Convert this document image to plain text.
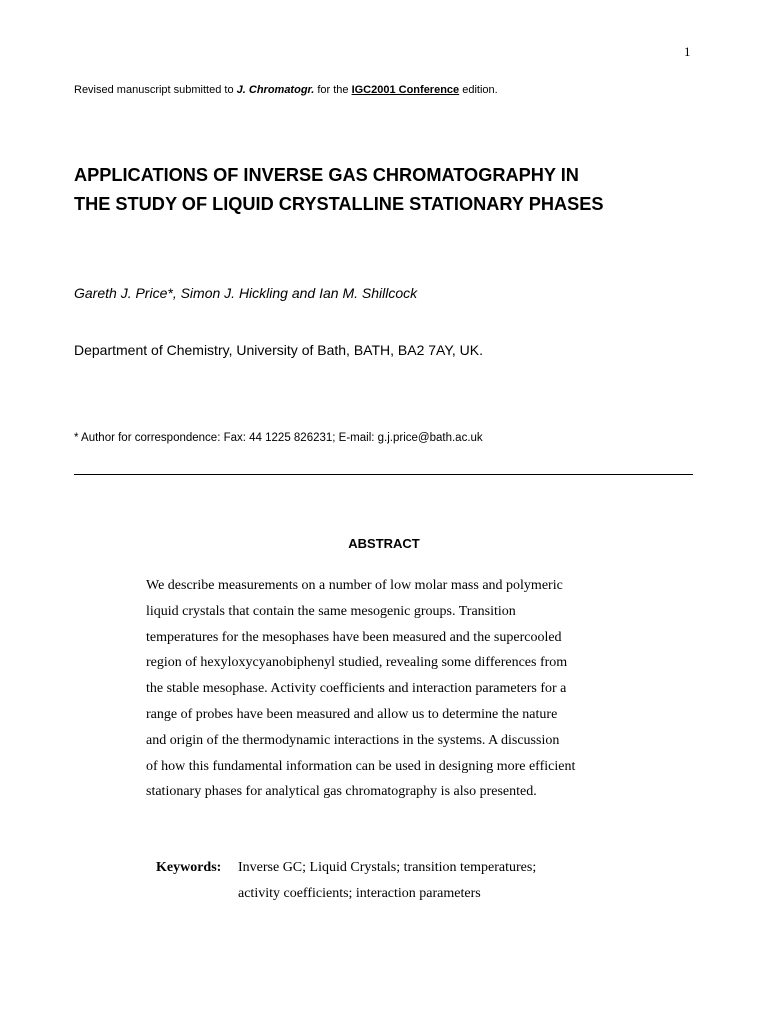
1
Revised manuscript submitted to J. Chromatogr. for the IGC2001 Conference edition.
APPLICATIONS OF INVERSE GAS CHROMATOGRAPHY IN
THE STUDY OF LIQUID CRYSTALLINE STATIONARY PHASES
Gareth J. Price*, Simon J. Hickling and Ian M. Shillcock
Department of Chemistry, University of Bath, BATH, BA2 7AY, UK.
* Author for correspondence: Fax: 44 1225 826231; E-mail: g.j.price@bath.ac.uk
ABSTRACT

We describe measurements on a number of low molar mass and polymeric
liquid crystals that contain the same mesogenic groups. Transition
temperatures for the mesophases have been measured and the supercooled
region of hexyloxycyanobiphenyl studied, revealing some differences from
the stable mesophase. Activity coefficients and interaction parameters for a
range of probes have been measured and allow us to determine the nature
and origin of the thermodynamic interactions in the systems. A discussion
of how this fundamental information can be used in designing more efficient
stationary phases for analytical gas chromatography is also presented.

Keywords: Inverse GC; Liquid Crystals; transition temperatures;
activity coefficients; interaction parameters
